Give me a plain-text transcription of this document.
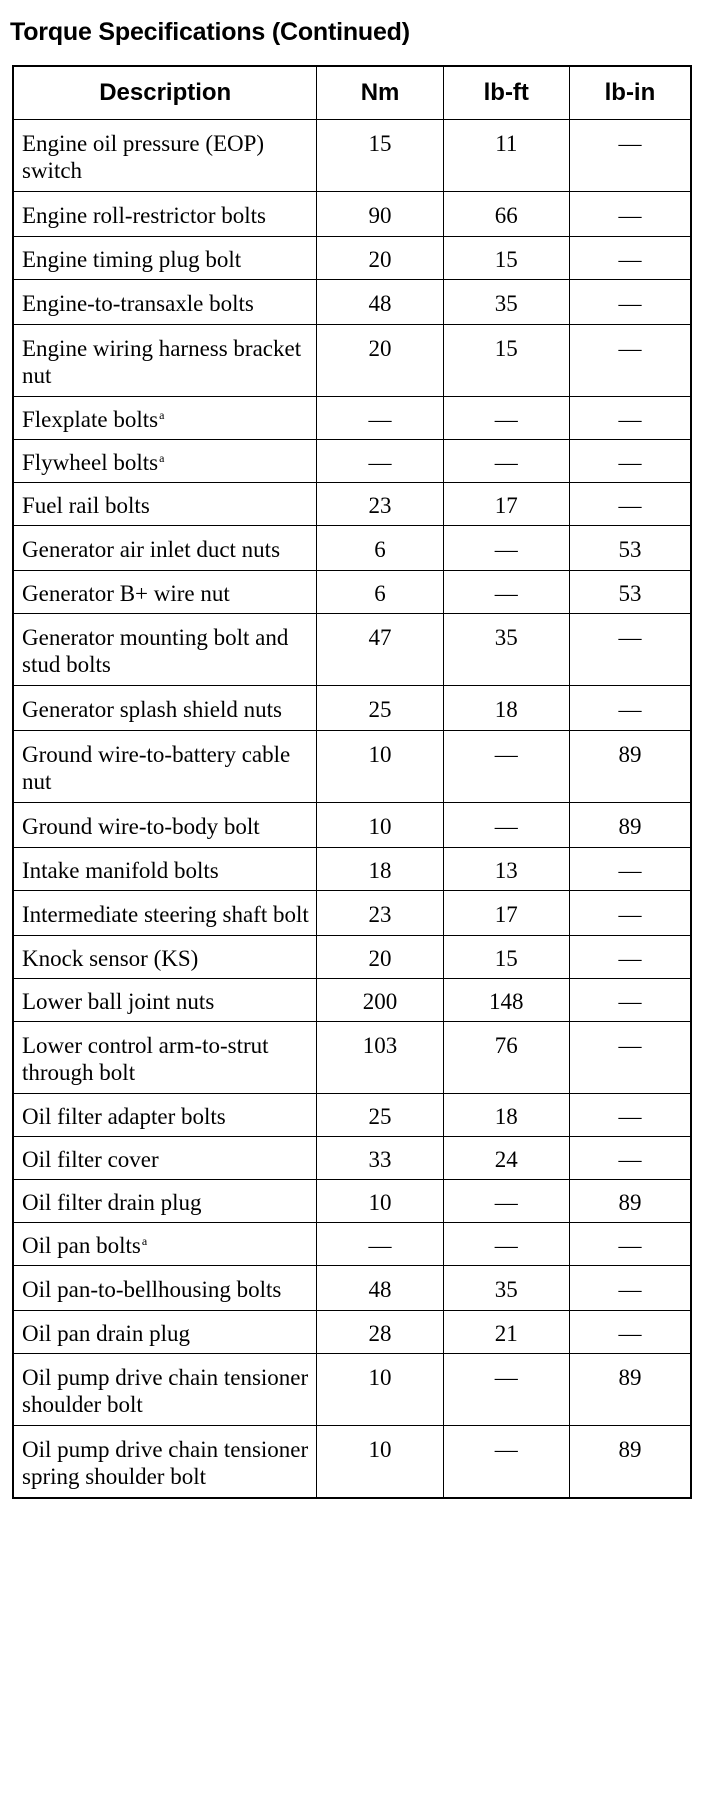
Torque Specifications (Continued)
Description	Nm	lb-ft	lb-in
Engine oil pressure (EOP) switch	15	11	—
Engine roll-restrictor bolts	90	66	—
Engine timing plug bolt	20	15	—
Engine-to-transaxle bolts	48	35	—
Engine wiring harness bracket nut	20	15	—
Flexplate bolts$^a$	—	—	—
Flywheel bolts$^a$	—	—	—
Fuel rail bolts	23	17	—
Generator air inlet duct nuts	6	—	53
Generator B+ wire nut	6	—	53
Generator mounting bolt and stud bolts	47	35	—
Generator splash shield nuts	25	18	—
Ground wire-to-battery cable nut	10	—	89
Ground wire-to-body bolt	10	—	89
Intake manifold bolts	18	13	—
Intermediate steering shaft bolt	23	17	—
Knock sensor (KS)	20	15	—
Lower ball joint nuts	200	148	—
Lower control arm-to-strut through bolt	103	76	—
Oil filter adapter bolts	25	18	—
Oil filter cover	33	24	—
Oil filter drain plug	10	—	89
Oil pan bolts$^a$	—	—	—
Oil pan-to-bellhousing bolts	48	35	—
Oil pan drain plug	28	21	—
Oil pump drive chain tensioner shoulder bolt	10	—	89
Oil pump drive chain tensioner spring shoulder bolt	10	—	89
